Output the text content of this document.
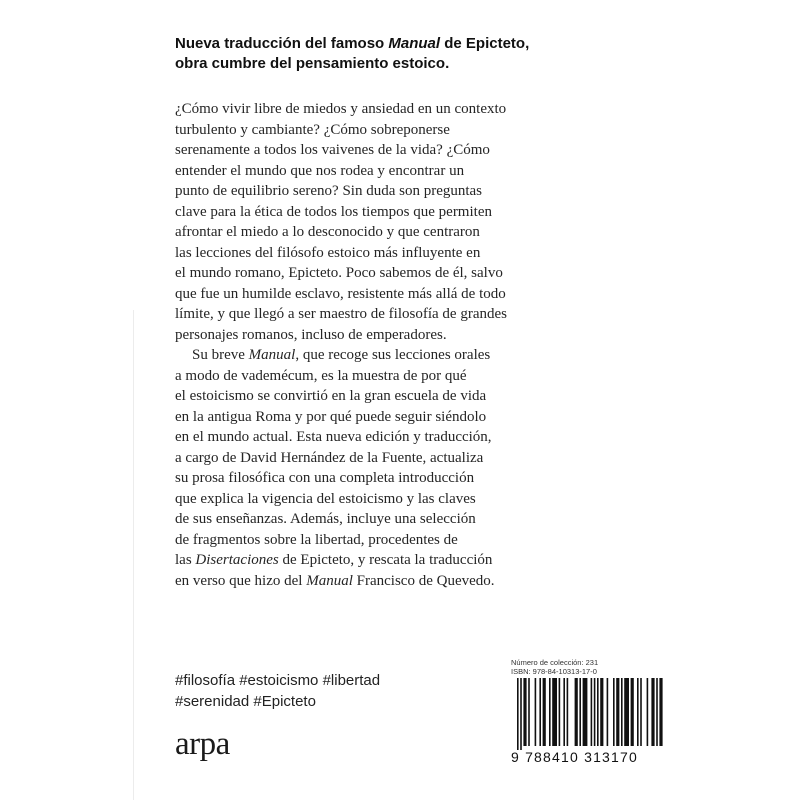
Nueva traducción del famoso Manual de Epicteto,
obra cumbre del pensamiento estoico.
¿Cómo vivir libre de miedos y ansiedad en un contexto
turbulento y cambiante? ¿Cómo sobreponerse
serenamente a todos los vaivenes de la vida? ¿Cómo
entender el mundo que nos rodea y encontrar un
punto de equilibrio sereno? Sin duda son preguntas
clave para la ética de todos los tiempos que permiten
afrontar el miedo a lo desconocido y que centraron
las lecciones del filósofo estoico más influyente en
el mundo romano, Epicteto. Poco sabemos de él, salvo
que fue un humilde esclavo, resistente más allá de todo
límite, y que llegó a ser maestro de filosofía de grandes
personajes romanos, incluso de emperadores.
Su breve Manual, que recoge sus lecciones orales
a modo de vademécum, es la muestra de por qué
el estoicismo se convirtió en la gran escuela de vida
en la antigua Roma y por qué puede seguir siéndolo
en el mundo actual. Esta nueva edición y traducción,
a cargo de David Hernández de la Fuente, actualiza
su prosa filosófica con una completa introducción
que explica la vigencia del estoicismo y las claves
de sus enseñanzas. Además, incluye una selección
de fragmentos sobre la libertad, procedentes de
las Disertaciones de Epicteto, y rescata la traducción
en verso que hizo del Manual Francisco de Quevedo.
#filosofía #estoicismo #libertad
#serenidad #Epicteto
arpa
Número de colección: 231
ISBN: 978-84-10313-17-0
9 788410 313170
